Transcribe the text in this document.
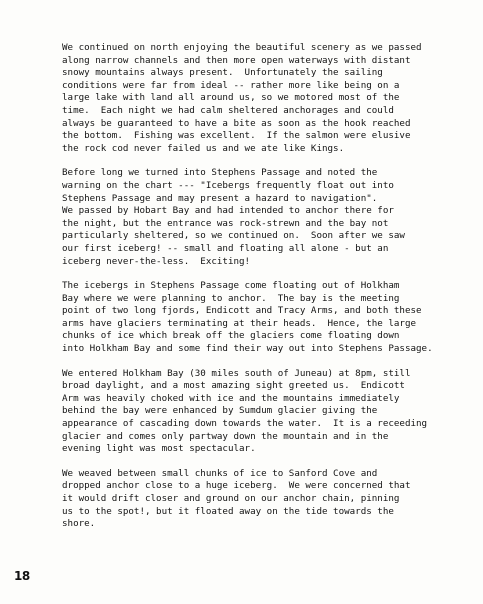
We continued on north enjoying the beautiful scenery as we passed
along narrow channels and then more open waterways with distant
snowy mountains always present.  Unfortunately the sailing
conditions were far from ideal -- rather more like being on a
large lake with land all around us, so we motored most of the
time.  Each night we had calm sheltered anchorages and could
always be guaranteed to have a bite as soon as the hook reached
the bottom.  Fishing was excellent.  If the salmon were elusive
the rock cod never failed us and we ate like Kings.
Before long we turned into Stephens Passage and noted the
warning on the chart --- "Icebergs frequently float out into
Stephens Passage and may present a hazard to navigation".
We passed by Hobart Bay and had intended to anchor there for
the night, but the entrance was rock-strewn and the bay not
particularly sheltered, so we continued on.  Soon after we saw
our first iceberg! -- small and floating all alone - but an
iceberg never-the-less.  Exciting!
The icebergs in Stephens Passage come floating out of Holkham
Bay where we were planning to anchor.  The bay is the meeting
point of two long fjords, Endicott and Tracy Arms, and both these
arms have glaciers terminating at their heads.  Hence, the large
chunks of ice which break off the glaciers come floating down
into Holkham Bay and some find their way out into Stephens Passage.
We entered Holkham Bay (30 miles south of Juneau) at 8pm, still
broad daylight, and a most amazing sight greeted us.  Endicott
Arm was heavily choked with ice and the mountains immediately
behind the bay were enhanced by Sumdum glacier giving the
appearance of cascading down towards the water.  It is a receeding
glacier and comes only partway down the mountain and in the
evening light was most spectacular.
We weaved between small chunks of ice to Sanford Cove and
dropped anchor close to a huge iceberg.  We were concerned that
it would drift closer and ground on our anchor chain, pinning
us to the spot!, but it floated away on the tide towards the
shore.
18
